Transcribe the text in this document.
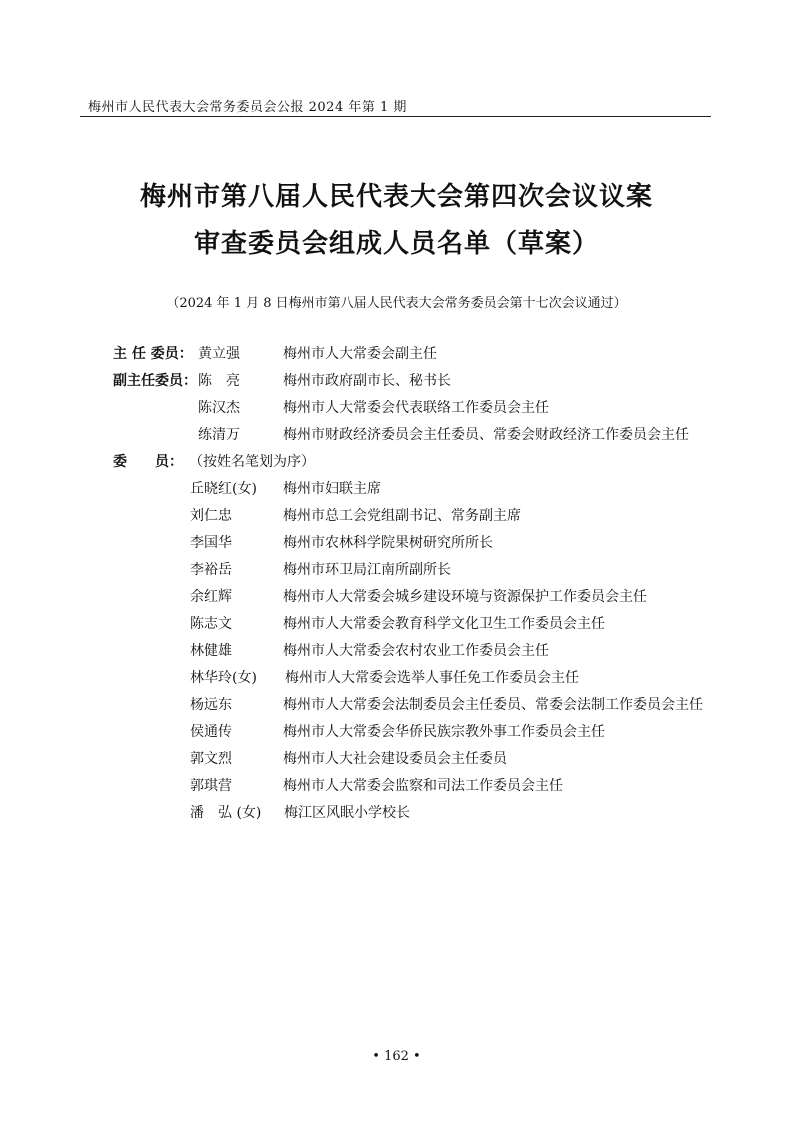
梅州市人民代表大会常务委员会公报 2024 年第 1 期
梅州市第八届人民代表大会第四次会议议案
审查委员会组成人员名单（草案）
（2024 年 1 月 8 日梅州市第八届人民代表大会常务委员会第十七次会议通过）
主 任 委员： 黄立强	梅州市人大常委会副主任
副主任委员： 陈　亮	梅州市政府副市长、秘书长
陈汉杰	梅州市人大常委会代表联络工作委员会主任
练清万	梅州市财政经济委员会主任委员、常委会财政经济工作委员会主任
委　　员： （按姓名笔划为序）
丘晓红(女) 梅州市妇联主席
刘仁忠	梅州市总工会党组副书记、常务副主席
李国华	梅州市农林科学院果树研究所所长
李裕岳	梅州市环卫局江南所副所长
余红辉	梅州市人大常委会城乡建设环境与资源保护工作委员会主任
陈志文	梅州市人大常委会教育科学文化卫生工作委员会主任
林健雄	梅州市人大常委会农村农业工作委员会主任
林华玲(女) 梅州市人大常委会选举人事任免工作委员会主任
杨远东	梅州市人大常委会法制委员会主任委员、常委会法制工作委员会主任
侯通传	梅州市人大常委会华侨民族宗教外事工作委员会主任
郭文烈	梅州市人大社会建设委员会主任委员
郭琪营	梅州市人大常委会监察和司法工作委员会主任
潘　弘 (女) 梅江区风眠小学校长
• 162 •
